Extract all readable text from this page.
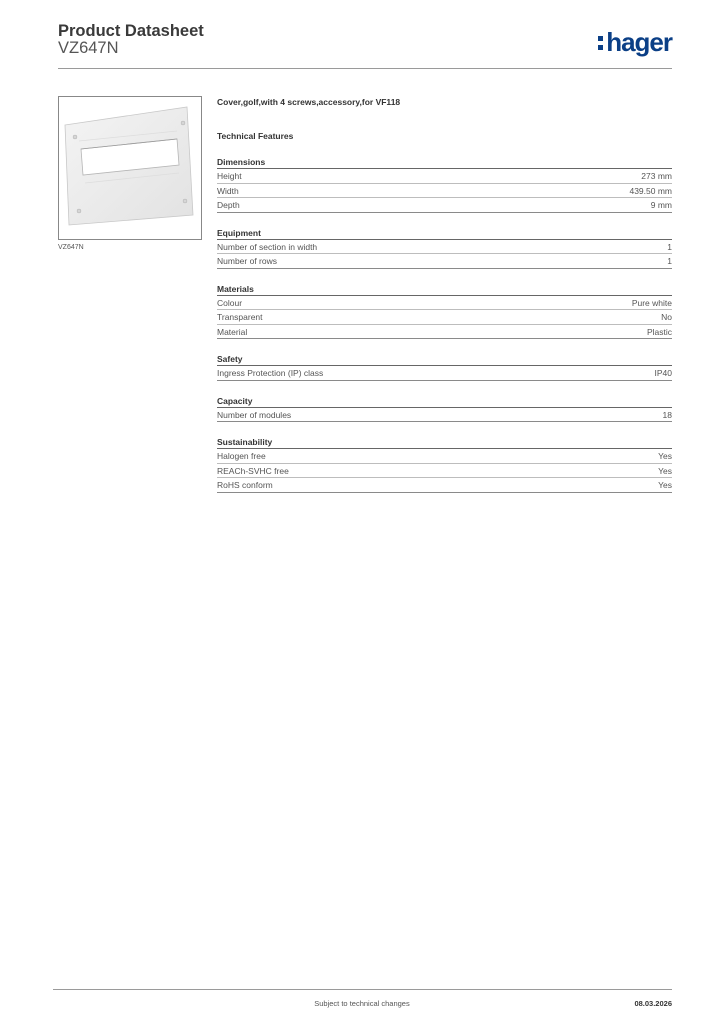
Product Datasheet
VZ647N	hager
VZ647N
Cover,golf,with 4 screws,accessory,for VF118
Technical Features
Dimensions
Height	273 mm
Width	439.50 mm
Depth	9 mm
Equipment
Number of section in width	1
Number of rows	1
Materials
Colour	Pure white
Transparent	No
Material	Plastic
Safety
Ingress Protection (IP) class	IP40
Capacity
Number of modules	18
Sustainability
Halogen free	Yes
REACh-SVHC free	Yes
RoHS conform	Yes
Subject to technical changes	08.03.2026
